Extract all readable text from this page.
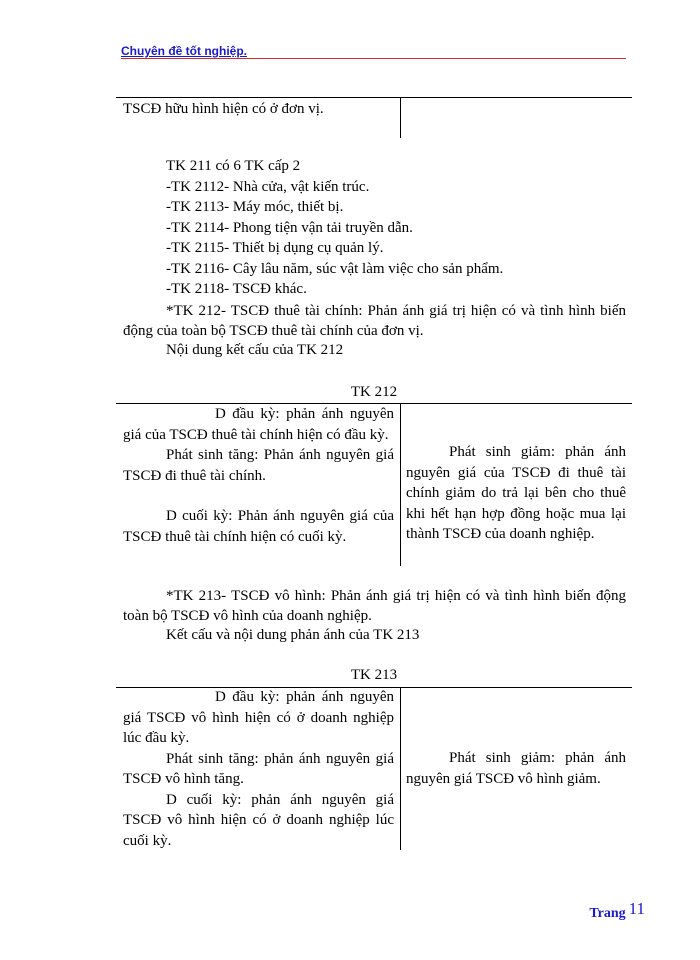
Chuyên đề tốt nghiệp.
TSCĐ hữu hình hiện có ở đơn vị.
TK 211 có 6 TK cấp 2
-TK 2112- Nhà cửa, vật kiến trúc.
-TK 2113- Máy móc, thiết bị.
-TK 2114- Phong tiện vận tải truyền dẫn.
-TK 2115- Thiết bị dụng cụ quản lý.
-TK 2116- Cây lâu năm, súc vật làm việc cho sản phẩm.
-TK 2118- TSCĐ khác.
*TK 212- TSCĐ thuê tài chính: Phản ánh giá trị hiện có và tình hình biến động của toàn bộ TSCĐ thuê tài chính của đơn vị.
Nội dung kết cấu của TK 212
TK 212

D đầu kỳ: phản ánh nguyên giá của TSCĐ thuê tài chính hiện có đầu kỳ.

Phát sinh tăng: Phản ánh nguyên giá TSCĐ đi thuê tài chính.

D cuối kỳ: Phản ánh nguyên giá của TSCĐ thuê tài chính hiện có cuối kỳ.

Phát sinh giảm: phản ánh nguyên giá của TSCĐ đi thuê tài chính giảm do trả lại bên cho thuê khi hết hạn hợp đồng hoặc mua lại thành TSCĐ của doanh nghiệp.
*TK 213- TSCĐ vô hình: Phản ánh giá trị hiện có và tình hình biến động toàn bộ TSCĐ vô hình của doanh nghiệp.
Kết cấu và nội dung phản ánh của TK 213
TK 213

D đầu kỳ: phản ánh nguyên giá TSCĐ vô hình hiện có ở doanh nghiệp lúc đầu kỳ.

Phát sinh tăng: phản ánh nguyên giá TSCĐ vô hình tăng.

D cuối kỳ: phản ánh nguyên giá TSCĐ vô hình hiện có ở doanh nghiệp lúc cuối kỳ.

Phát sinh giảm: phản ánh nguyên giá TSCĐ vô hình giảm.
Trang 11
